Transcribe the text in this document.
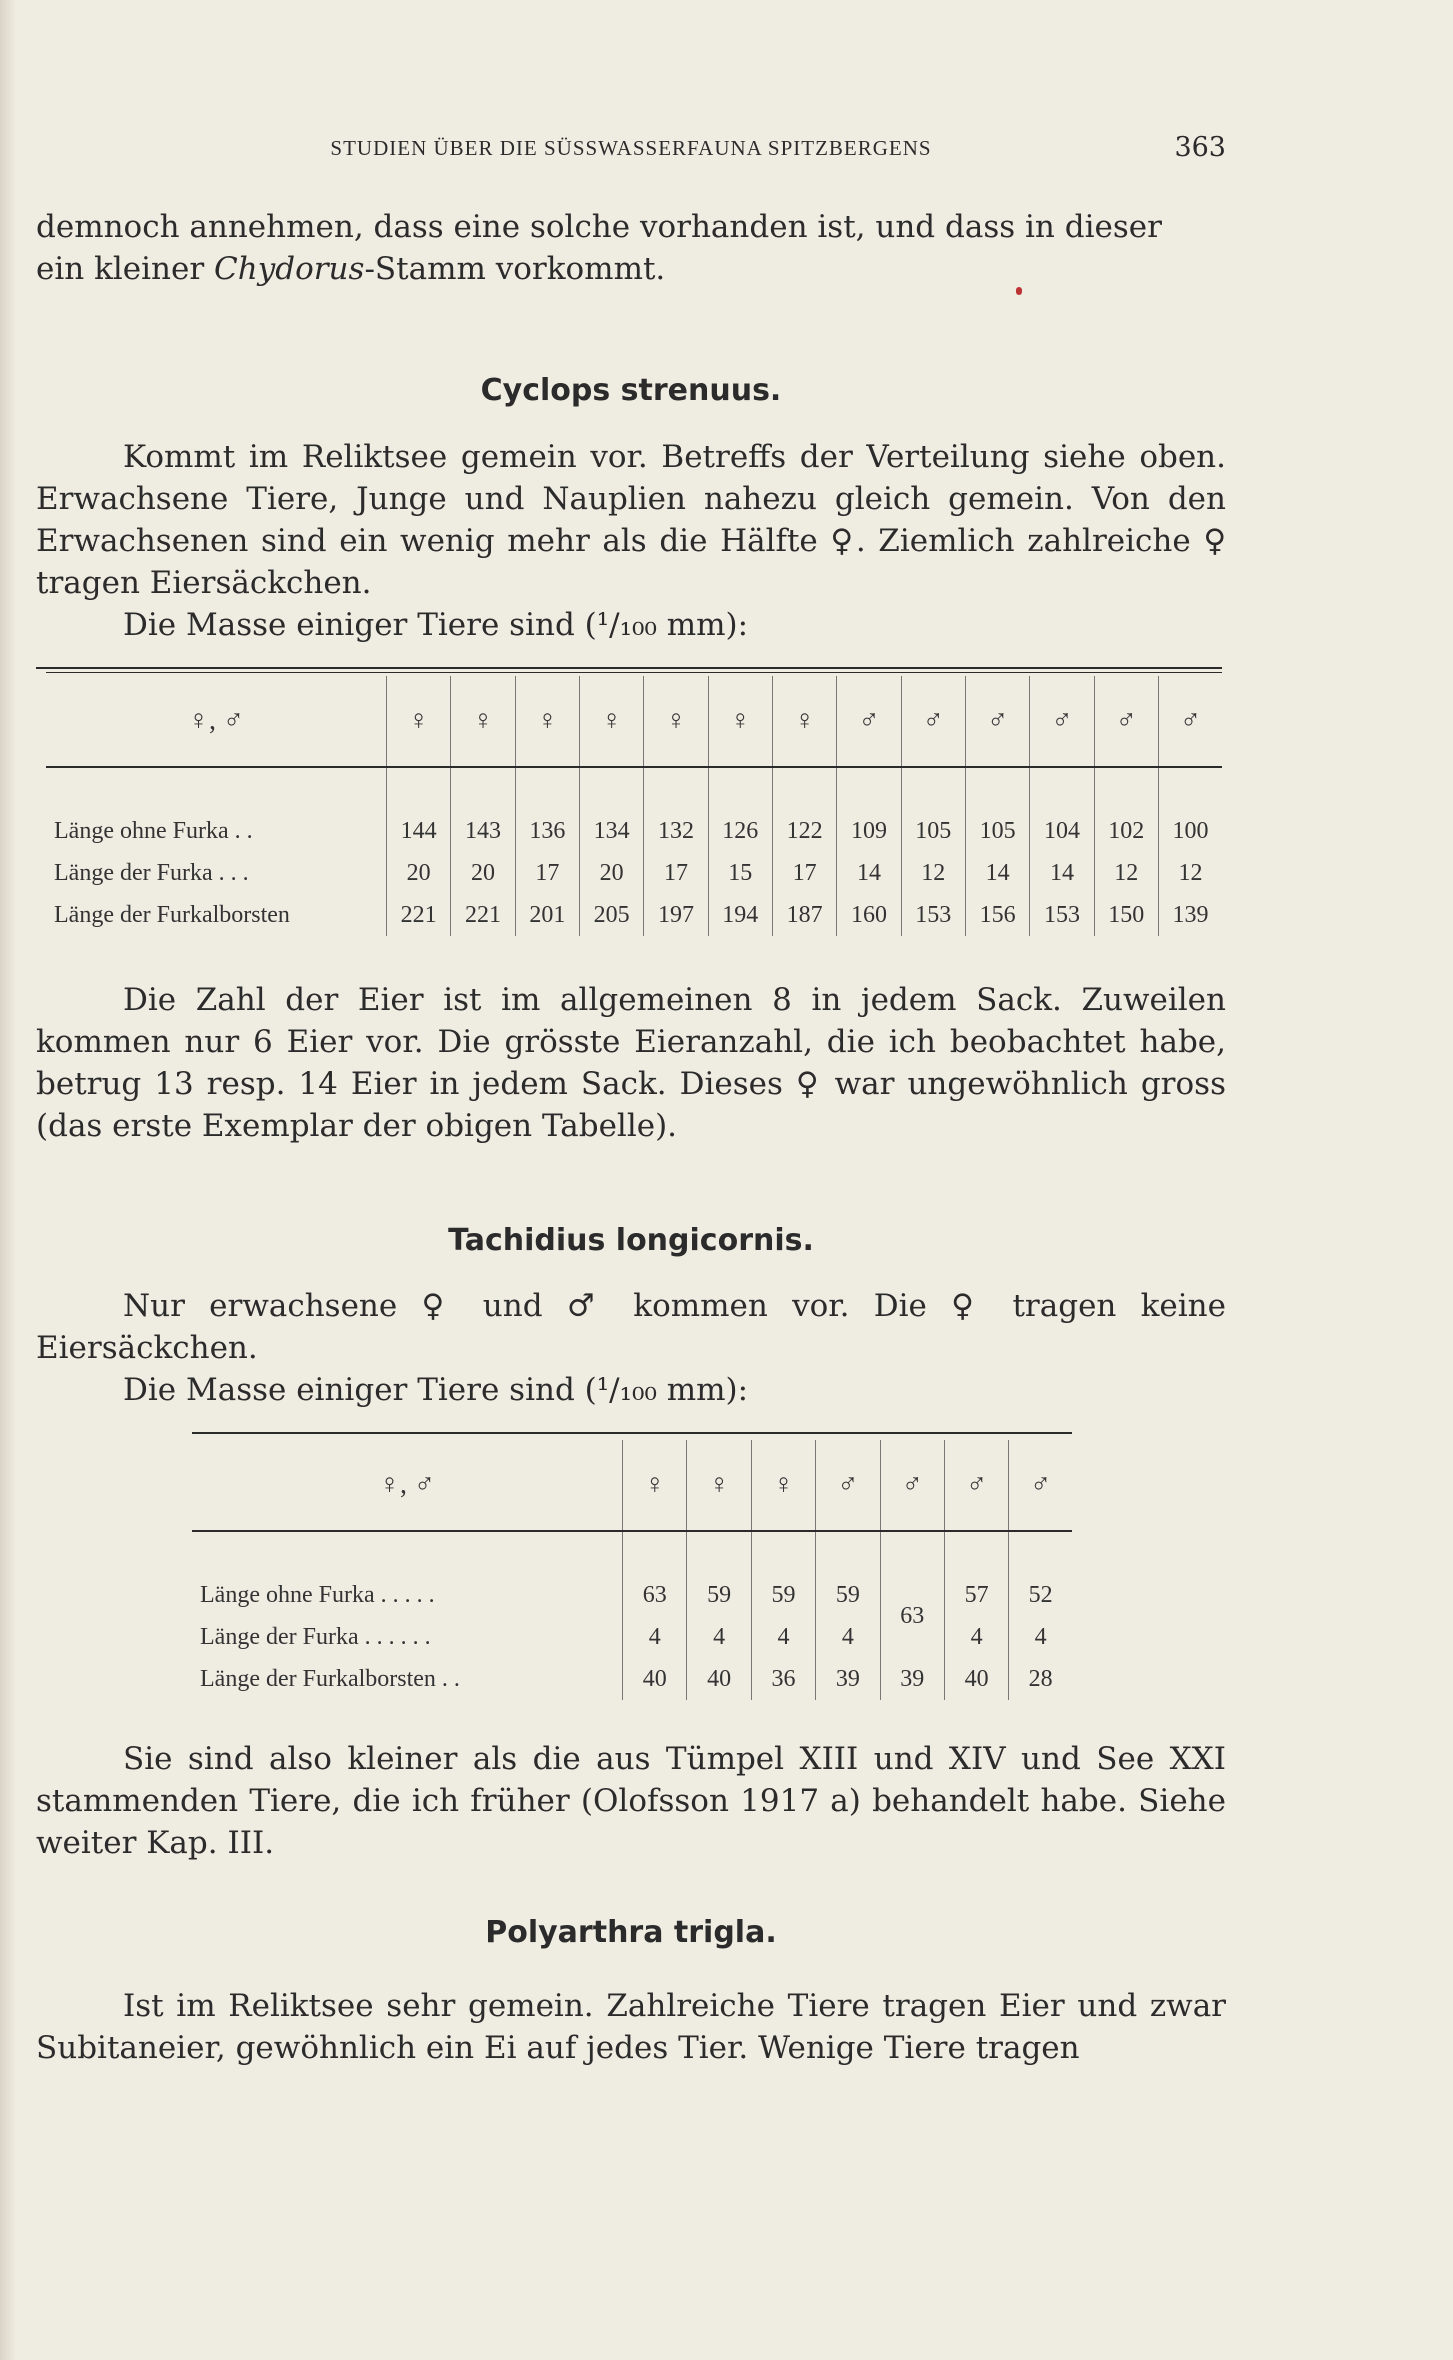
STUDIEN ÜBER DIE SÜSSWASSERFAUNA SPITZBERGENS	363

demnoch annehmen, dass eine solche vorhanden ist, und dass in dieser
ein kleiner Chydorus-Stamm vorkommt.

Cyclops strenuus.

Kommt im Reliktsee gemein vor. Betreffs der Verteilung siehe oben. Erwachsene Tiere, Junge und Nauplien nahezu gleich gemein. Von den Erwachsenen sind ein wenig mehr als die Hälfte ♀. Ziemlich zahlreiche ♀ tragen Eiersäckchen.

Die Masse einiger Tiere sind (¹/₁₀₀ mm):

♀, ♂	♀	♀	♀	♀	♀	♀	♀	♂	♂	♂	♂	♂	♂

Länge ohne Furka . .	144	143	136	134	132	126	122	109	105	105	104	102	100
Länge der Furka . . .	20	20	17	20	17	15	17	14	12	14	14	12	12
Länge der Furkalborsten	221	221	201	205	197	194	187	160	153	156	153	150	139

Die Zahl der Eier ist im allgemeinen 8 in jedem Sack. Zuweilen kommen nur 6 Eier vor. Die grösste Eieranzahl, die ich beobachtet habe, betrug 13 resp. 14 Eier in jedem Sack. Dieses ♀ war ungewöhnlich gross (das erste Exemplar der obigen Tabelle).

Tachidius longicornis.

Nur erwachsene ♀ und ♂ kommen vor. Die ♀ tragen keine Eiersäckchen.

Die Masse einiger Tiere sind (¹/₁₀₀ mm):

♀, ♂	♀	♀	♀	♂	♂	♂	♂

Länge ohne Furka . . . . .	63	59	59	59	63	57	52
Länge der Furka . . . . . .	4	4	4	4		4	4
Länge der Furkalborsten . .	40	40	36	39	39	40	28

Sie sind also kleiner als die aus Tümpel XIII und XIV und See XXI stammenden Tiere, die ich früher (Olofsson 1917 a) behandelt habe. Siehe weiter Kap. III.

Polyarthra trigla.

Ist im Reliktsee sehr gemein. Zahlreiche Tiere tragen Eier und zwar Subitaneier, gewöhnlich ein Ei auf jedes Tier. Wenige Tiere tragen
